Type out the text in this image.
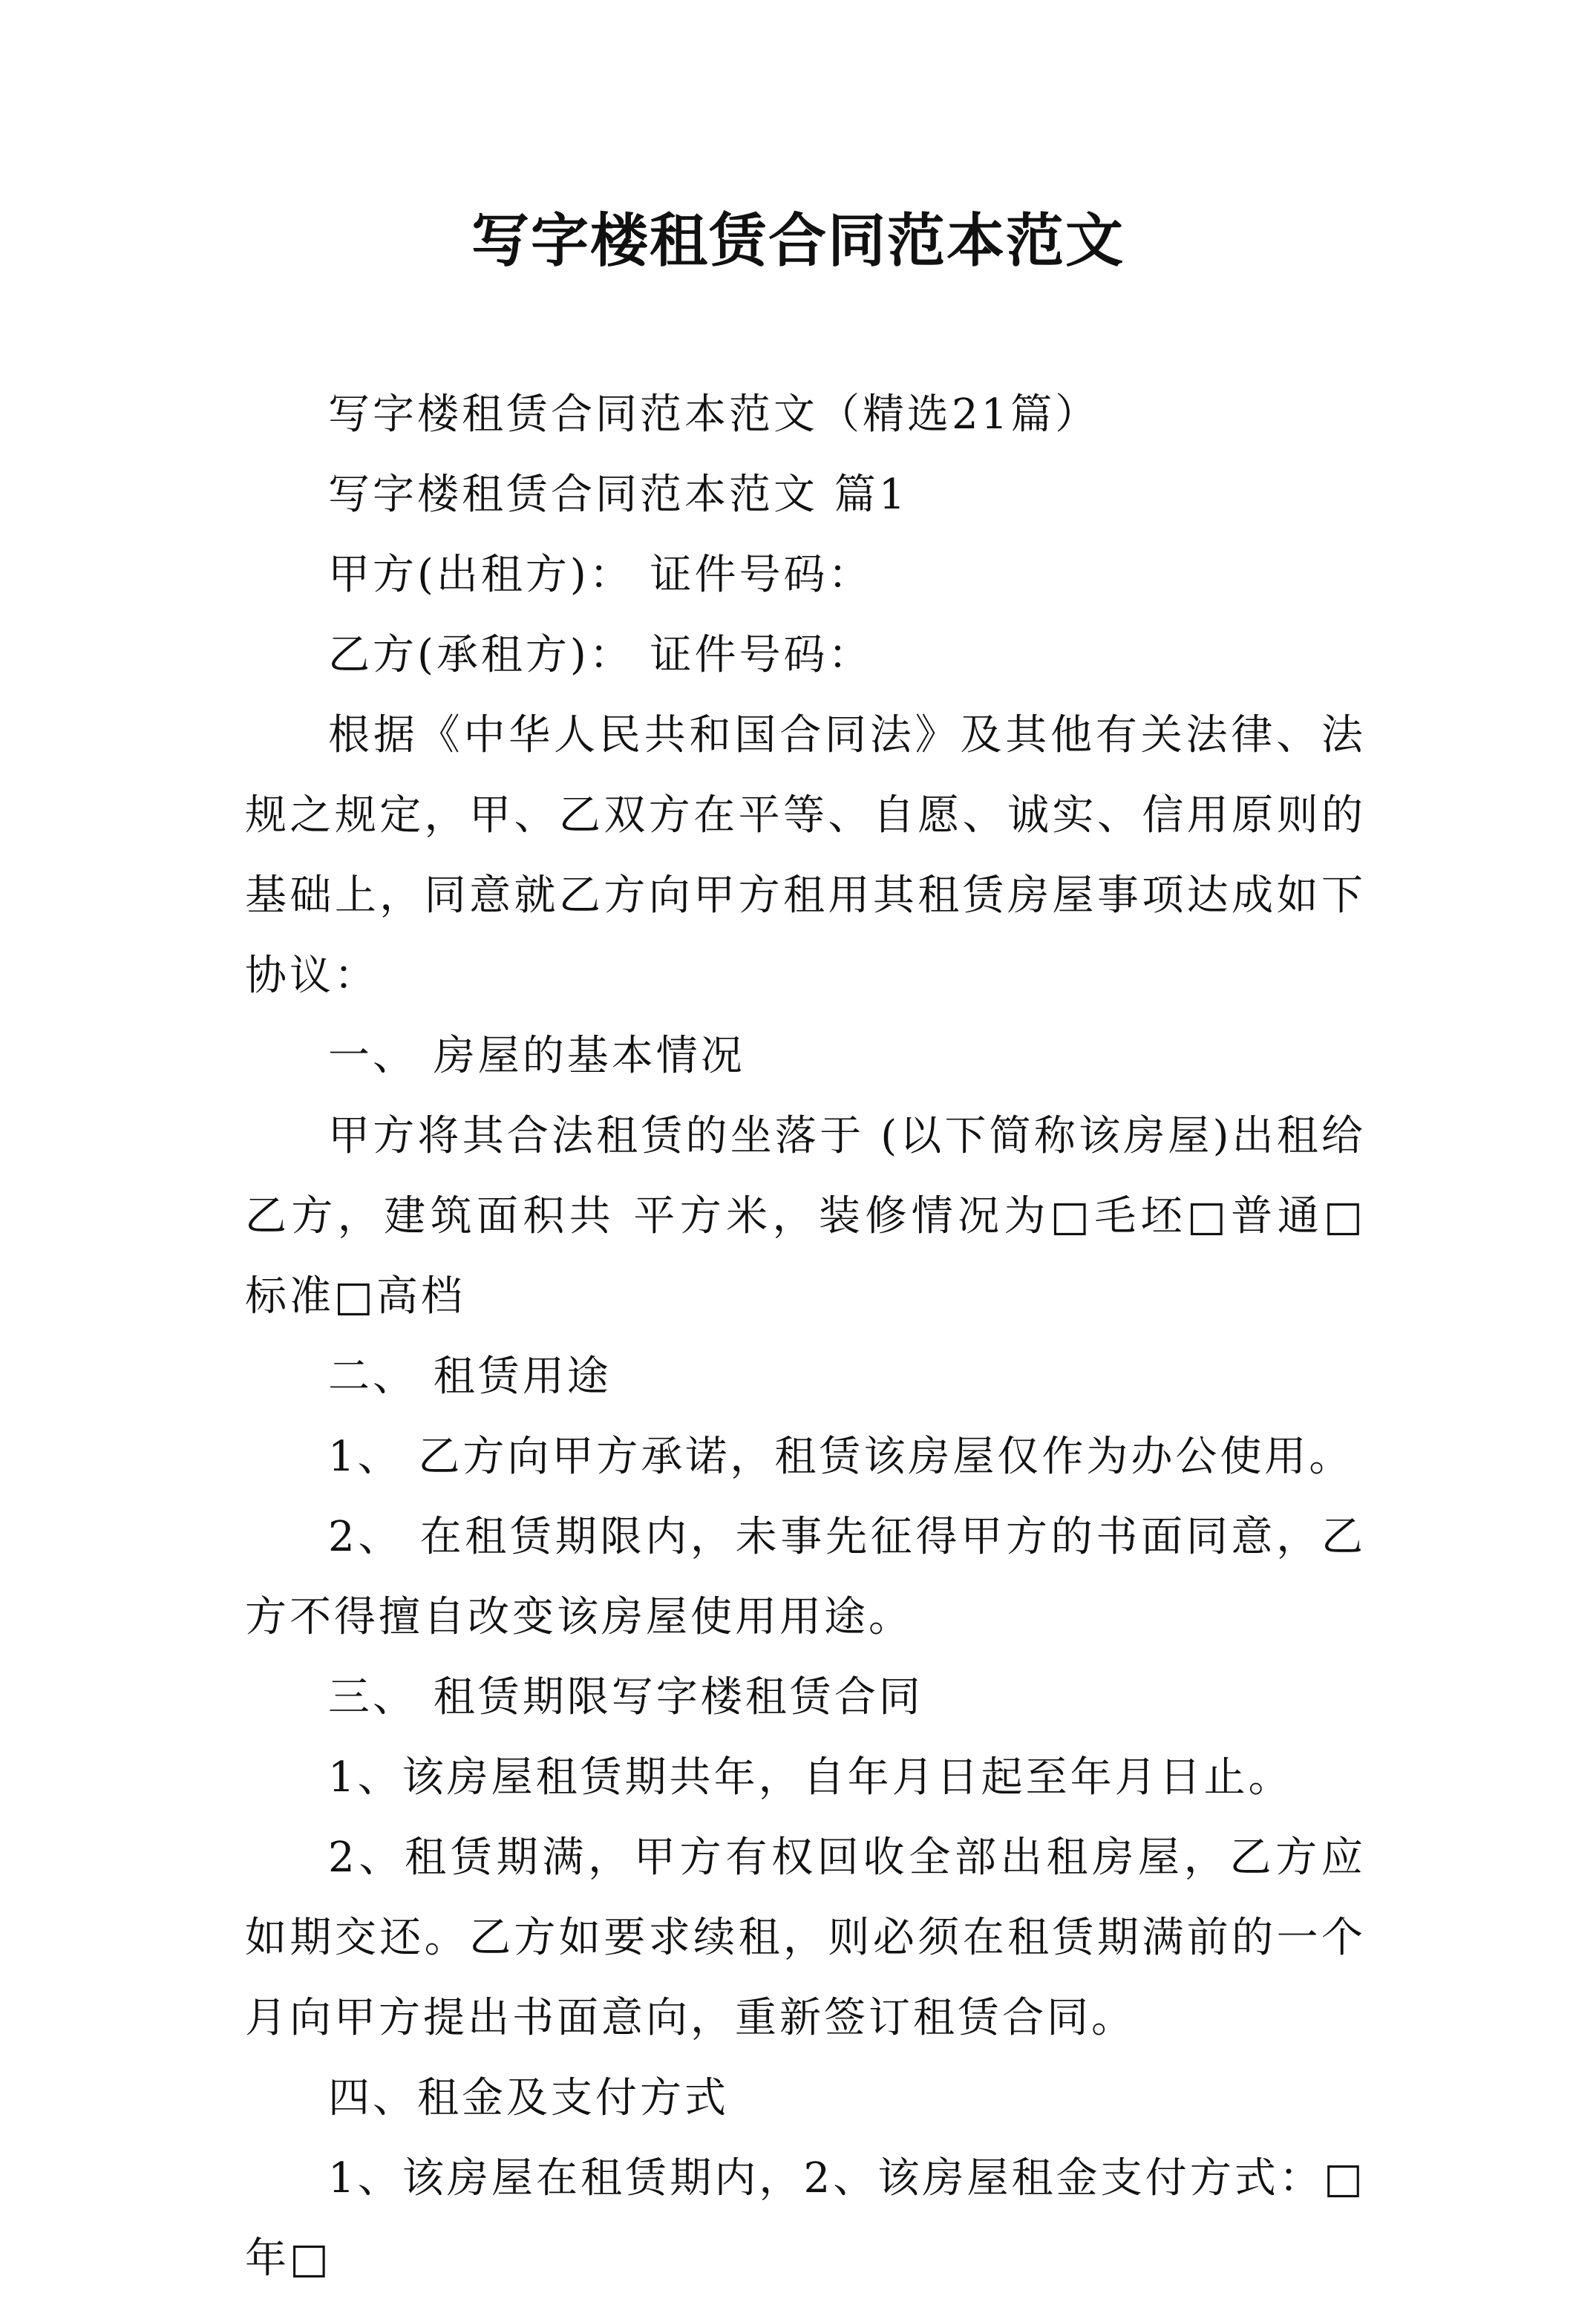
写字楼租赁合同范本范文

写字楼租赁合同范本范文（精选21篇）

写字楼租赁合同范本范文 篇1

甲方(出租方)： 证件号码：

乙方(承租方)： 证件号码：

根据《中华人民共和国合同法》及其他有关法律、法规之规定，甲、乙双方在平等、自愿、诚实、信用原则的基础上，同意就乙方向甲方租用其租赁房屋事项达成如下协议：

一、 房屋的基本情况

甲方将其合法租赁的坐落于 (以下简称该房屋)出租给乙方，建筑面积共 平方米，装修情况为□毛坯□普通□标准□高档

二、 租赁用途

1、 乙方向甲方承诺，租赁该房屋仅作为办公使用。

2、 在租赁期限内，未事先征得甲方的书面同意，乙方不得擅自改变该房屋使用用途。

三、 租赁期限写字楼租赁合同

1、该房屋租赁期共年，自年月日起至年月日止。

2、租赁期满，甲方有权回收全部出租房屋，乙方应如期交还。乙方如要求续租，则必须在租赁期满前的一个月向甲方提出书面意向，重新签订租赁合同。

四、租金及支付方式

1、该房屋在租赁期内，2、该房屋租金支付方式：□年□
